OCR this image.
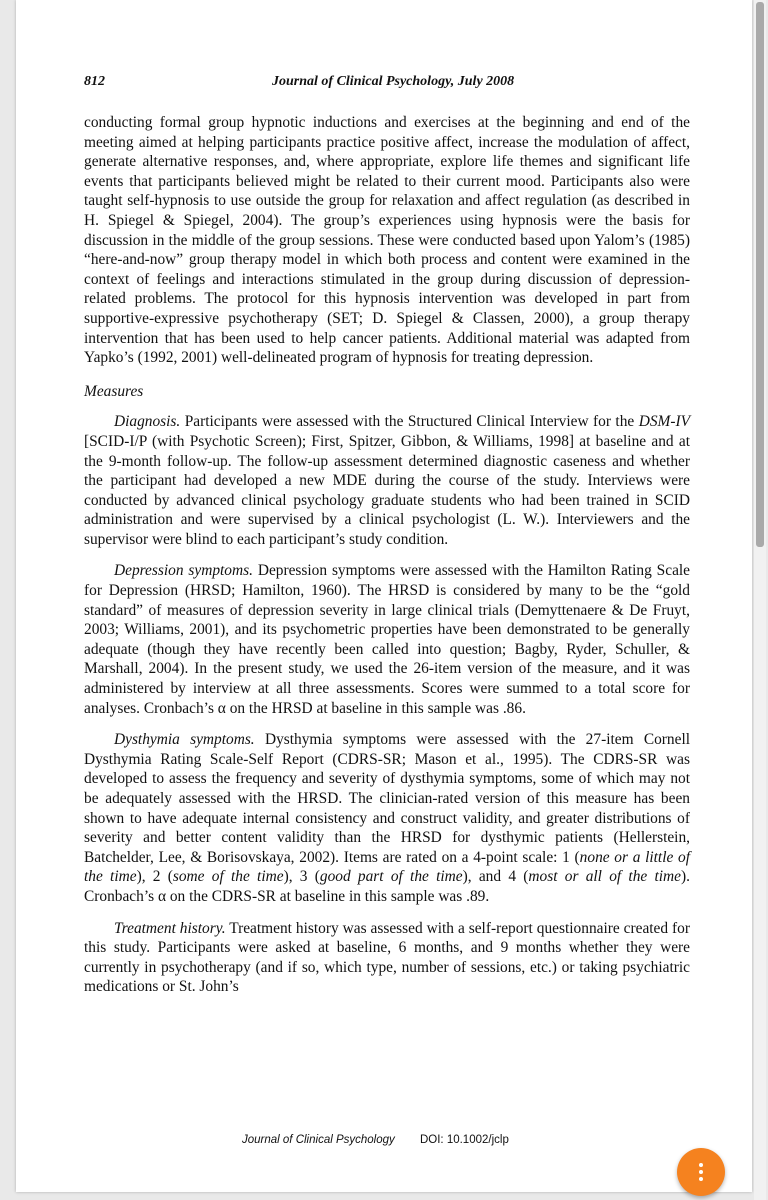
812	Journal of Clinical Psychology, July 2008

conducting formal group hypnotic inductions and exercises at the beginning and end of the meeting aimed at helping participants practice positive affect, increase the modulation of affect, generate alternative responses, and, where appropriate, explore life themes and significant life events that participants believed might be related to their current mood. Participants also were taught self-hypnosis to use outside the group for relaxation and affect regulation (as described in H. Spiegel & Spiegel, 2004). The group’s experiences using hypnosis were the basis for discussion in the middle of the group sessions. These were conducted based upon Yalom’s (1985) “here-and-now” group therapy model in which both process and content were examined in the context of feelings and interactions stimulated in the group during discussion of depression-related problems. The protocol for this hypnosis intervention was developed in part from supportive-expressive psychotherapy (SET; D. Spiegel & Classen, 2000), a group therapy intervention that has been used to help cancer patients. Additional material was adapted from Yapko’s (1992, 2001) well-delineated program of hypnosis for treating depression.

Measures

Diagnosis. Participants were assessed with the Structured Clinical Interview for the DSM-IV [SCID-I/P (with Psychotic Screen); First, Spitzer, Gibbon, & Williams, 1998] at baseline and at the 9-month follow-up. The follow-up assessment determined diagnostic caseness and whether the participant had developed a new MDE during the course of the study. Interviews were conducted by advanced clinical psychology graduate students who had been trained in SCID administration and were supervised by a clinical psychologist (L. W.). Interviewers and the supervisor were blind to each participant’s study condition.

Depression symptoms. Depression symptoms were assessed with the Hamilton Rating Scale for Depression (HRSD; Hamilton, 1960). The HRSD is considered by many to be the “gold standard” of measures of depression severity in large clinical trials (Demyttenaere & De Fruyt, 2003; Williams, 2001), and its psychometric properties have been demonstrated to be generally adequate (though they have recently been called into question; Bagby, Ryder, Schuller, & Marshall, 2004). In the present study, we used the 26-item version of the measure, and it was administered by interview at all three assessments. Scores were summed to a total score for analyses. Cronbach’s α on the HRSD at baseline in this sample was .86.

Dysthymia symptoms. Dysthymia symptoms were assessed with the 27-item Cornell Dysthymia Rating Scale-Self Report (CDRS-SR; Mason et al., 1995). The CDRS-SR was developed to assess the frequency and severity of dysthymia symptoms, some of which may not be adequately assessed with the HRSD. The clinician-rated version of this measure has been shown to have adequate internal consistency and construct validity, and greater distributions of severity and better content validity than the HRSD for dysthymic patients (Hellerstein, Batchelder, Lee, & Borisovskaya, 2002). Items are rated on a 4-point scale: 1 (none or a little of the time), 2 (some of the time), 3 (good part of the time), and 4 (most or all of the time). Cronbach’s α on the CDRS-SR at baseline in this sample was .89.

Treatment history. Treatment history was assessed with a self-report questionnaire created for this study. Participants were asked at baseline, 6 months, and 9 months whether they were currently in psychotherapy (and if so, which type, number of sessions, etc.) or taking psychiatric medications or St. John’s

Journal of Clinical Psychology DOI: 10.1002/jclp
